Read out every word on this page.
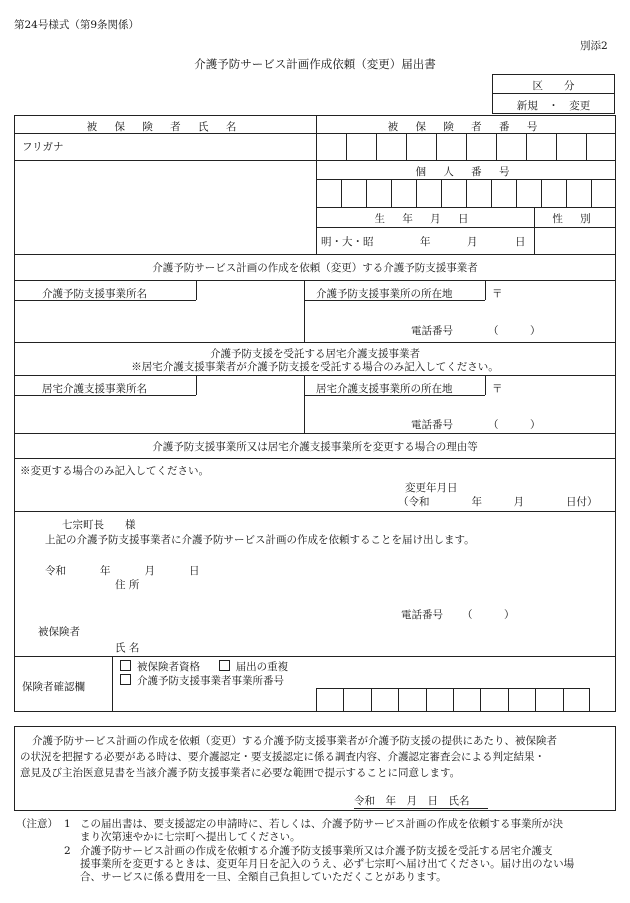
第24号様式（第9条関係）
別添2
介護予防サービス計画作成依頼（変更）届出書
区　　分
新規　・　変更
被 保 険 者 氏 名	被 保 険 者 番 号
フリガナ
個 人 番 号
生 年 月 日	性 別
明・大・昭	年	月	日
介護予防サービス計画の作成を依頼（変更）する介護予防支援事業者
介護予防支援事業所名	介護予防支援事業所の所在地	〒
電話番号	（　　　）
介護予防支援を受託する居宅介護支援事業者
※居宅介護支援事業者が介護予防支援を受託する場合のみ記入してください。
居宅介護支援事業所名	居宅介護支援事業所の所在地	〒
電話番号	（　　　）
介護予防支援事業所又は居宅介護支援事業所を変更する場合の理由等
※変更する場合のみ記入してください。
変更年月日
（令和　　　　年　　　月　　　　日付）
七宗町長　　様
上記の介護予防支援事業者に介護予防サービス計画の作成を依頼することを届け出します。
令和	年	月	日
住 所
電話番号 （　　　）
被保険者
氏 名
保険者確認欄
被保険者資格	届出の重複
介護予防支援事業者事業所番号
介護予防サービス計画の作成を依頼（変更）する介護予防支援事業者が介護予防支援の提供にあたり、被保険者
の状況を把握する必要がある時は、要介護認定・要支援認定に係る調査内容、介護認定審査会による判定結果・
意見及び主治医意見書を当該介護予防支援事業者に必要な範囲で提示することに同意します。
令和　年　月　日　氏名
（注意） 1 この届出書は、要支援認定の申請時に、若しくは、介護予防サービス計画の作成を依頼する事業所が決
まり次第速やかに七宗町へ提出してください。
2 介護予防サービス計画の作成を依頼する介護予防支援事業所又は介護予防支援を受託する居宅介護支
援事業所を変更するときは、変更年月日を記入のうえ、必ず七宗町へ届け出てください。届け出のない場
合、サービスに係る費用を一旦、全額自己負担していただくことがあります。
